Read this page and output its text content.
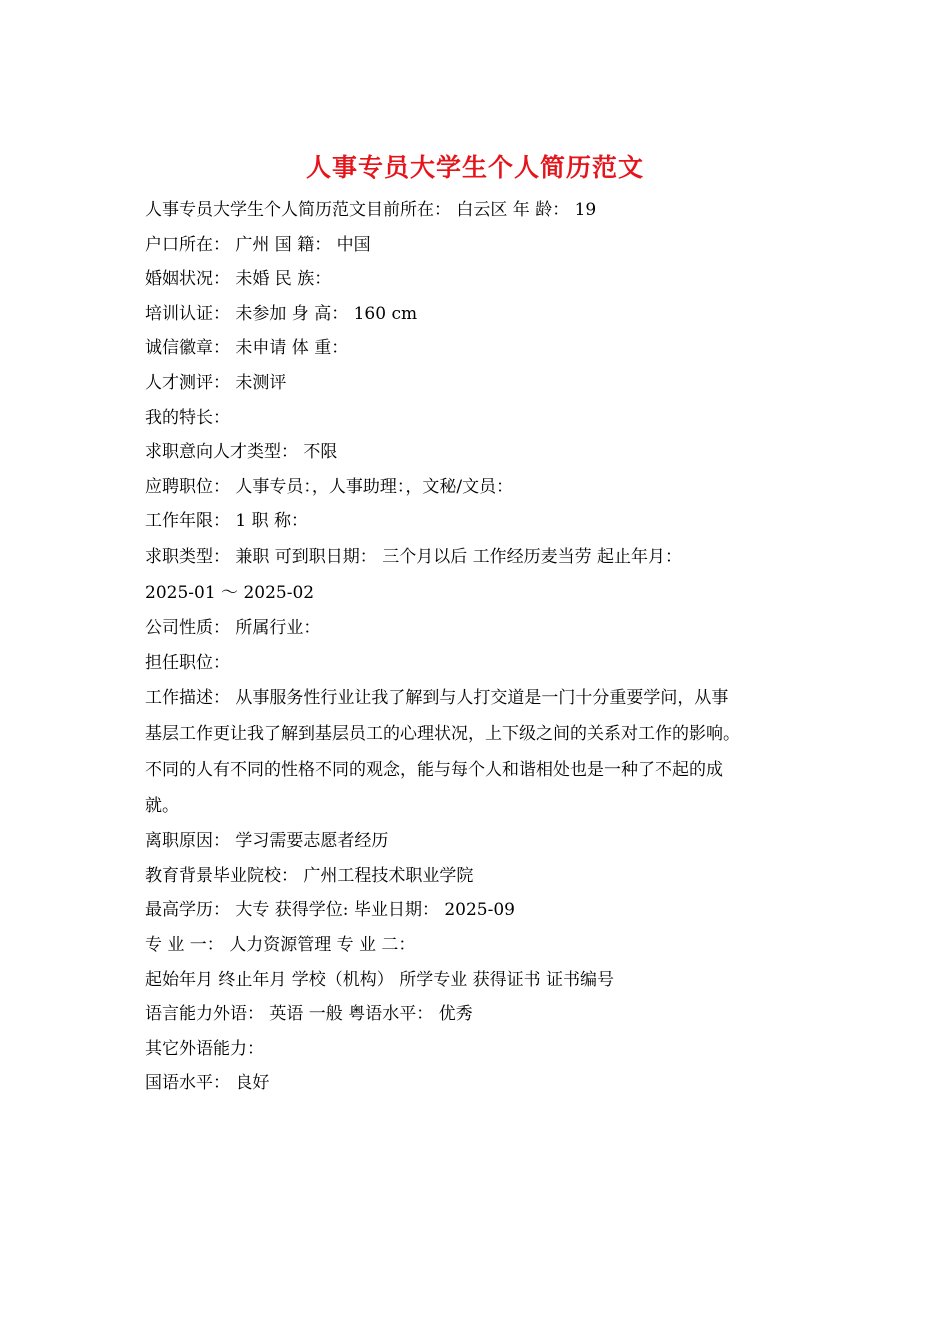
人事专员大学生个人简历范文

人事专员大学生个人简历范文目前所在： 白云区 年 龄： 19

户口所在： 广州 国 籍： 中国

婚姻状况： 未婚 民 族：

培训认证： 未参加 身 高： 160 cm

诚信徽章： 未申请 体 重：

人才测评： 未测评

我的特长：

求职意向人才类型： 不限

应聘职位： 人事专员：，人事助理：，文秘/文员：

工作年限： 1 职 称：

求职类型： 兼职 可到职日期： 三个月以后 工作经历麦当劳 起止年月：

2025-01 ～ 2025-02

公司性质： 所属行业：

担任职位：

工作描述： 从事服务性行业让我了解到与人打交道是一门十分重要学问，从事

基层工作更让我了解到基层员工的心理状况，上下级之间的关系对工作的影响。

不同的人有不同的性格不同的观念，能与每个人和谐相处也是一种了不起的成

就。

离职原因： 学习需要志愿者经历

教育背景毕业院校： 广州工程技术职业学院

最高学历： 大专 获得学位: 毕业日期： 2025-09

专 业 一： 人力资源管理 专 业 二：

起始年月 终止年月 学校（机构） 所学专业 获得证书 证书编号

语言能力外语： 英语 一般 粤语水平： 优秀

其它外语能力：

国语水平： 良好
